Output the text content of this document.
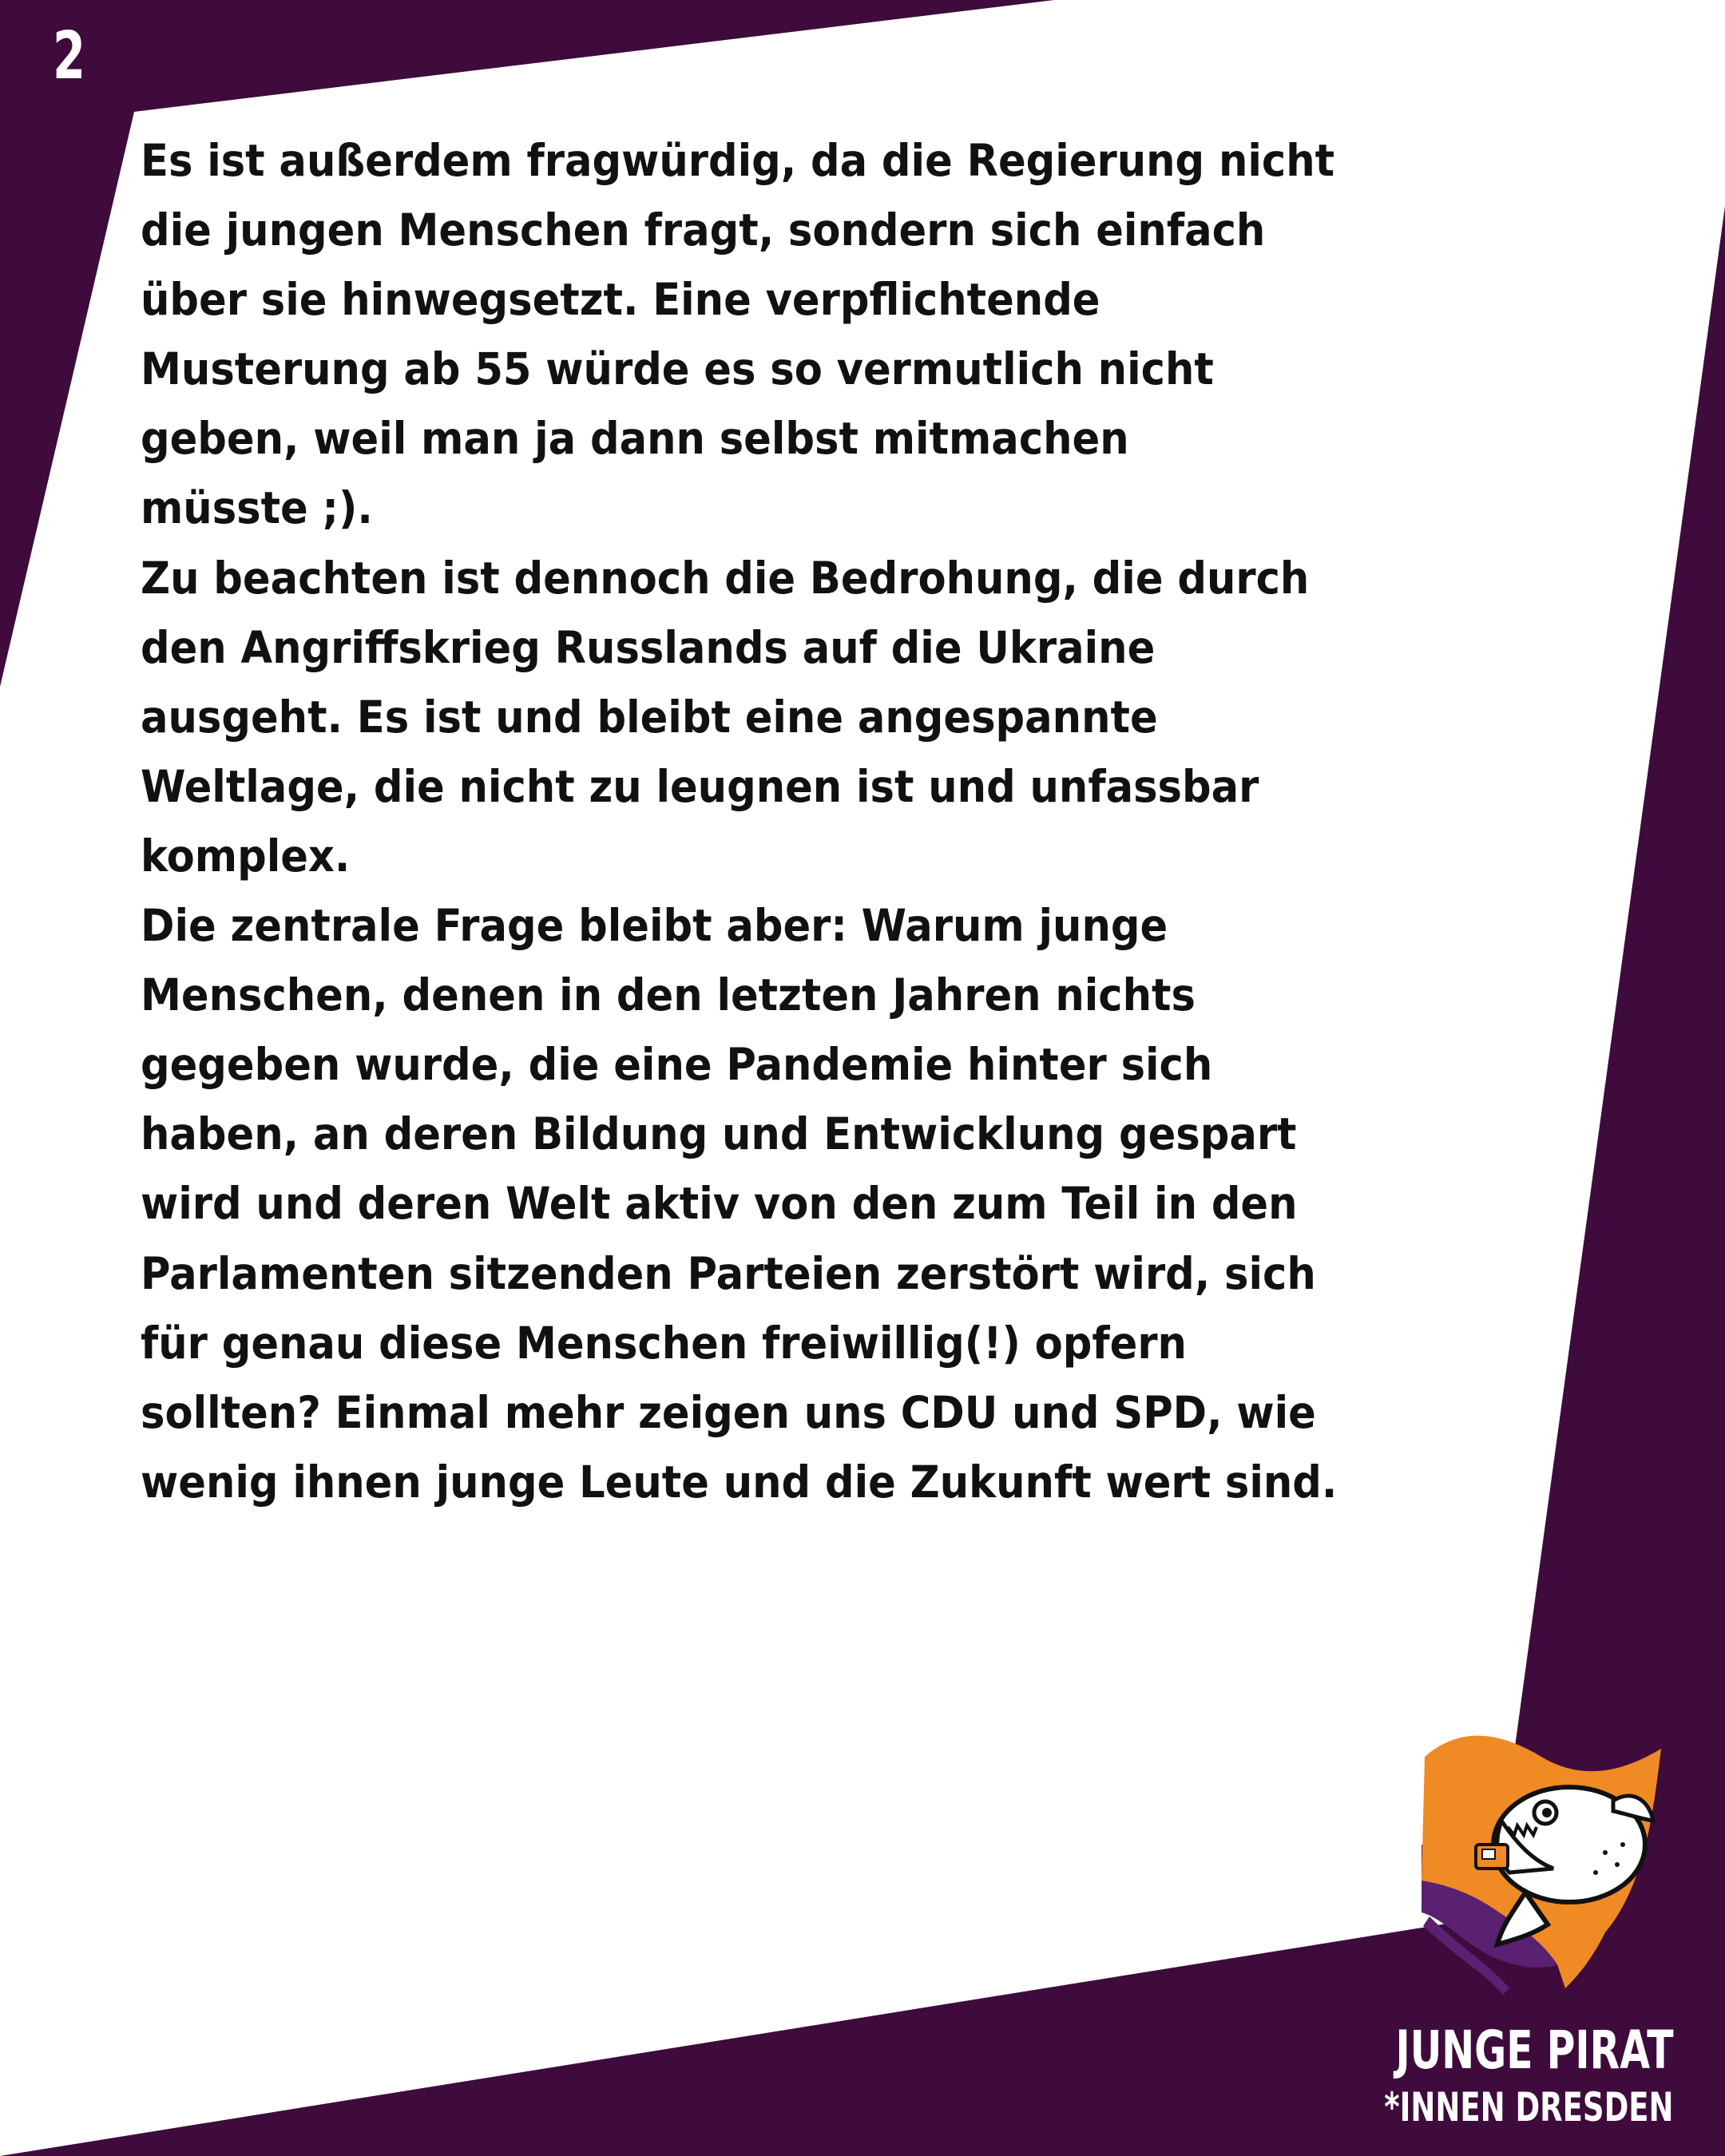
2
Es ist außerdem fragwürdig, da die Regierung nicht
die jungen Menschen fragt, sondern sich einfach
über sie hinwegsetzt. Eine verpflichtende
Musterung ab 55 würde es so vermutlich nicht
geben, weil man ja dann selbst mitmachen
müsste ;).
Zu beachten ist dennoch die Bedrohung, die durch
den Angriffskrieg Russlands auf die Ukraine
ausgeht. Es ist und bleibt eine angespannte
Weltlage, die nicht zu leugnen ist und unfassbar
komplex.
Die zentrale Frage bleibt aber: Warum junge
Menschen, denen in den letzten Jahren nichts
gegeben wurde, die eine Pandemie hinter sich
haben, an deren Bildung und Entwicklung gespart
wird und deren Welt aktiv von den zum Teil in den
Parlamenten sitzenden Parteien zerstört wird, sich
für genau diese Menschen freiwillig(!) opfern
sollten? Einmal mehr zeigen uns CDU und SPD, wie
wenig ihnen junge Leute und die Zukunft wert sind.
JUNGE PIRAT
*INNEN DRESDEN
